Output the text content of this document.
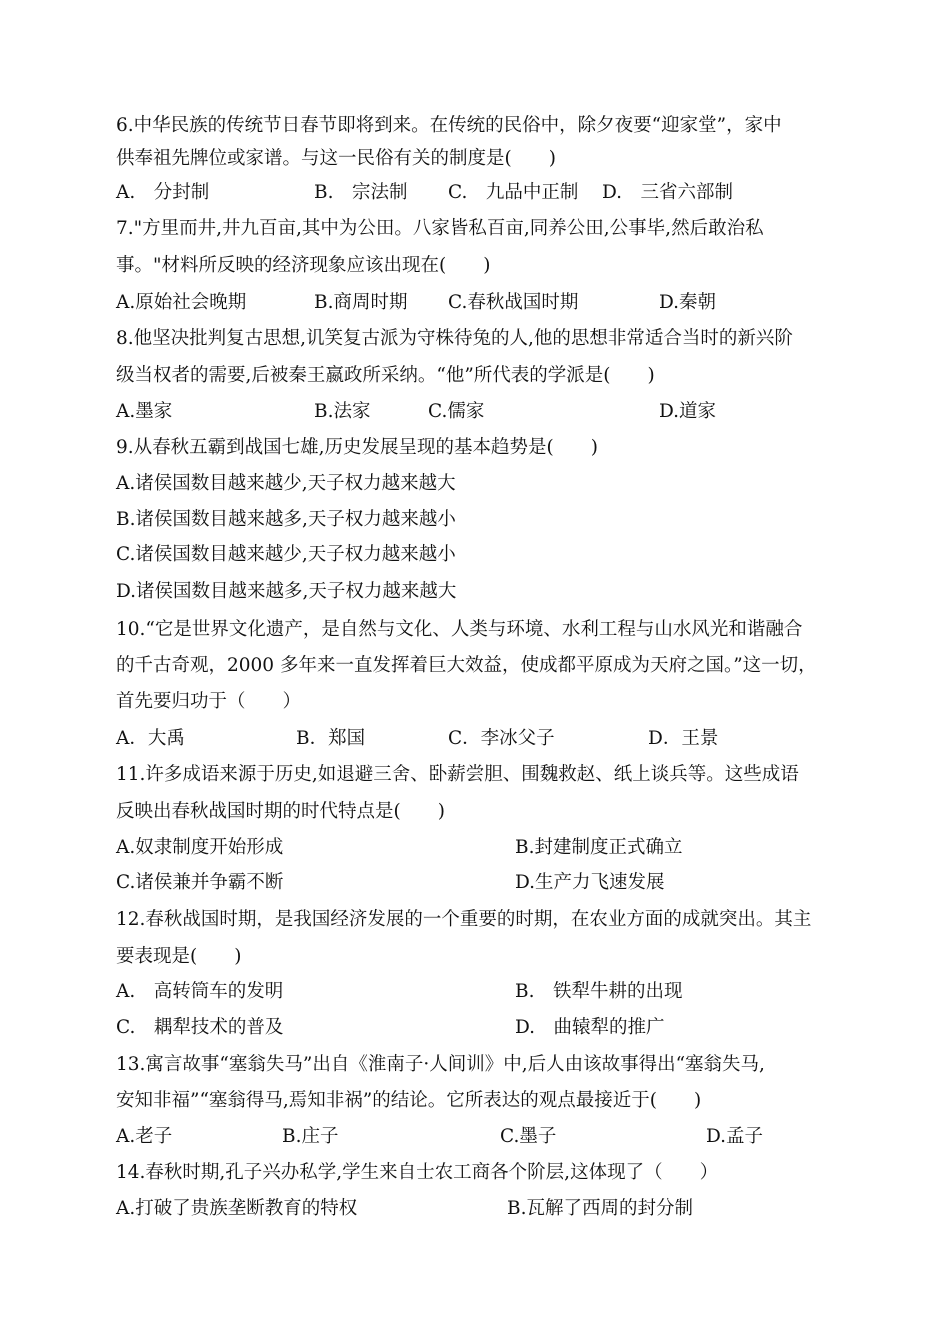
6.中华民族的传统节日春节即将到来。在传统的民俗中，除夕夜要“迎家堂”，家中
供奉祖先牌位或家谱。与这一民俗有关的制度是(　　)
A.　分封制	B.　宗法制 C.　九品中正制 D.　三省六部制
7."方里而井,井九百亩,其中为公田。八家皆私百亩,同养公田,公事毕,然后敢治私
事。"材料所反映的经济现象应该出现在(　　)
A.原始社会晚期	B.商周时期 C.春秋战国时期	D.秦朝
8.他坚决批判复古思想,讥笑复古派为守株待兔的人,他的思想非常适合当时的新兴阶
级当权者的需要,后被秦王嬴政所采纳。“他”所代表的学派是(　　)
A.墨家	B.法家	C.儒家	D.道家
9.从春秋五霸到战国七雄,历史发展呈现的基本趋势是(　　)
A.诸侯国数目越来越少,天子权力越来越大
B.诸侯国数目越来越多,天子权力越来越小
C.诸侯国数目越来越少,天子权力越来越小
D.诸侯国数目越来越多,天子权力越来越大
10.“它是世界文化遗产，是自然与文化、人类与环境、水利工程与山水风光和谐融合
的千古奇观，2000 多年来一直发挥着巨大效益，使成都平原成为天府之国。”这一切，
首先要归功于（　　）
A．大禹	B．郑国	C．李冰父子	D．王景
11.许多成语来源于历史,如退避三舍、卧薪尝胆、围魏救赵、纸上谈兵等。这些成语
反映出春秋战国时期的时代特点是(　　)
A.奴隶制度开始形成	B.封建制度正式确立
C.诸侯兼并争霸不断	D.生产力飞速发展
12.春秋战国时期，是我国经济发展的一个重要的时期，在农业方面的成就突出。其主
要表现是(　　)
A.　高转筒车的发明	B.　铁犁牛耕的出现
C.　耦犁技术的普及	D.　曲辕犁的推广
13.寓言故事“塞翁失马”出自《淮南子·人间训》中,后人由该故事得出“塞翁失马,
安知非福”“塞翁得马,焉知非祸”的结论。它所表达的观点最接近于(　　)
A.老子	B.庄子	C.墨子	D.孟子
14.春秋时期,孔子兴办私学,学生来自士农工商各个阶层,这体现了（　　）
A.打破了贵族垄断教育的特权	B.瓦解了西周的封分制
